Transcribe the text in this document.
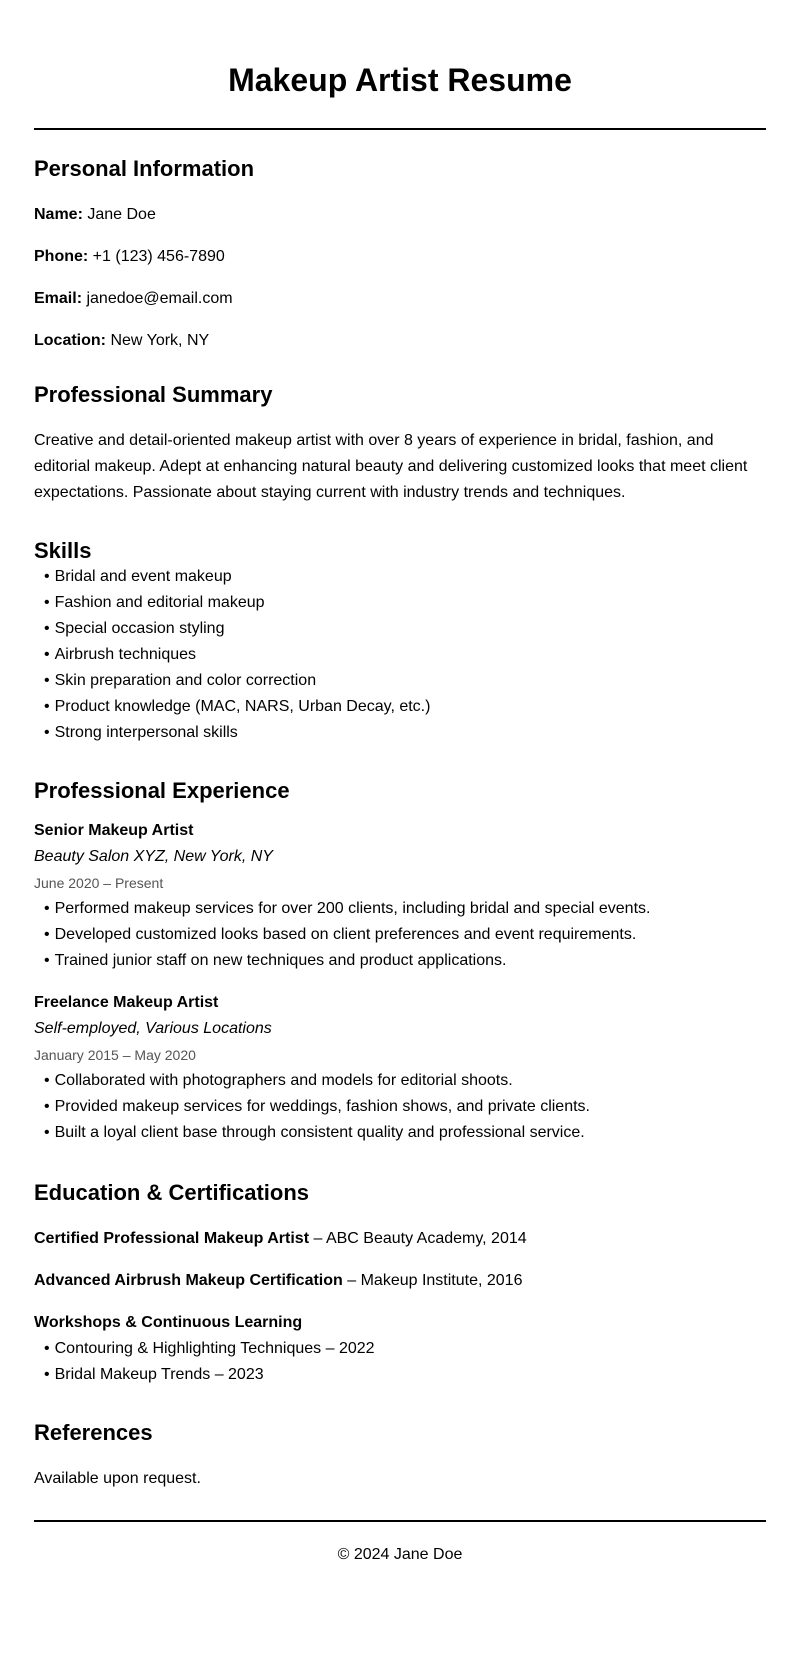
Makeup Artist Resume
Personal Information
Name: Jane Doe
Phone: +1 (123) 456-7890
Email: janedoe@email.com
Location: New York, NY
Professional Summary

Creative and detail-oriented makeup artist with over 8 years of experience in bridal, fashion, and editorial makeup. Adept at enhancing natural beauty and delivering customized looks that meet client expectations. Passionate about staying current with industry trends and techniques.

Skills
• Bridal and event makeup
• Fashion and editorial makeup
• Special occasion styling
• Airbrush techniques
• Skin preparation and color correction
• Product knowledge (MAC, NARS, Urban Decay, etc.)
• Strong interpersonal skills
Professional Experience
Senior Makeup Artist
Beauty Salon XYZ, New York, NY
June 2020 – Present
• Performed makeup services for over 200 clients, including bridal and special events.
• Developed customized looks based on client preferences and event requirements.
• Trained junior staff on new techniques and product applications.
Freelance Makeup Artist
Self-employed, Various Locations
January 2015 – May 2020
• Collaborated with photographers and models for editorial shoots.
• Provided makeup services for weddings, fashion shows, and private clients.
• Built a loyal client base through consistent quality and professional service.
Education & Certifications
Certified Professional Makeup Artist – ABC Beauty Academy, 2014
Advanced Airbrush Makeup Certification – Makeup Institute, 2016
Workshops & Continuous Learning
• Contouring & Highlighting Techniques – 2022
• Bridal Makeup Trends – 2023
References
Available upon request.
© 2024 Jane Doe
